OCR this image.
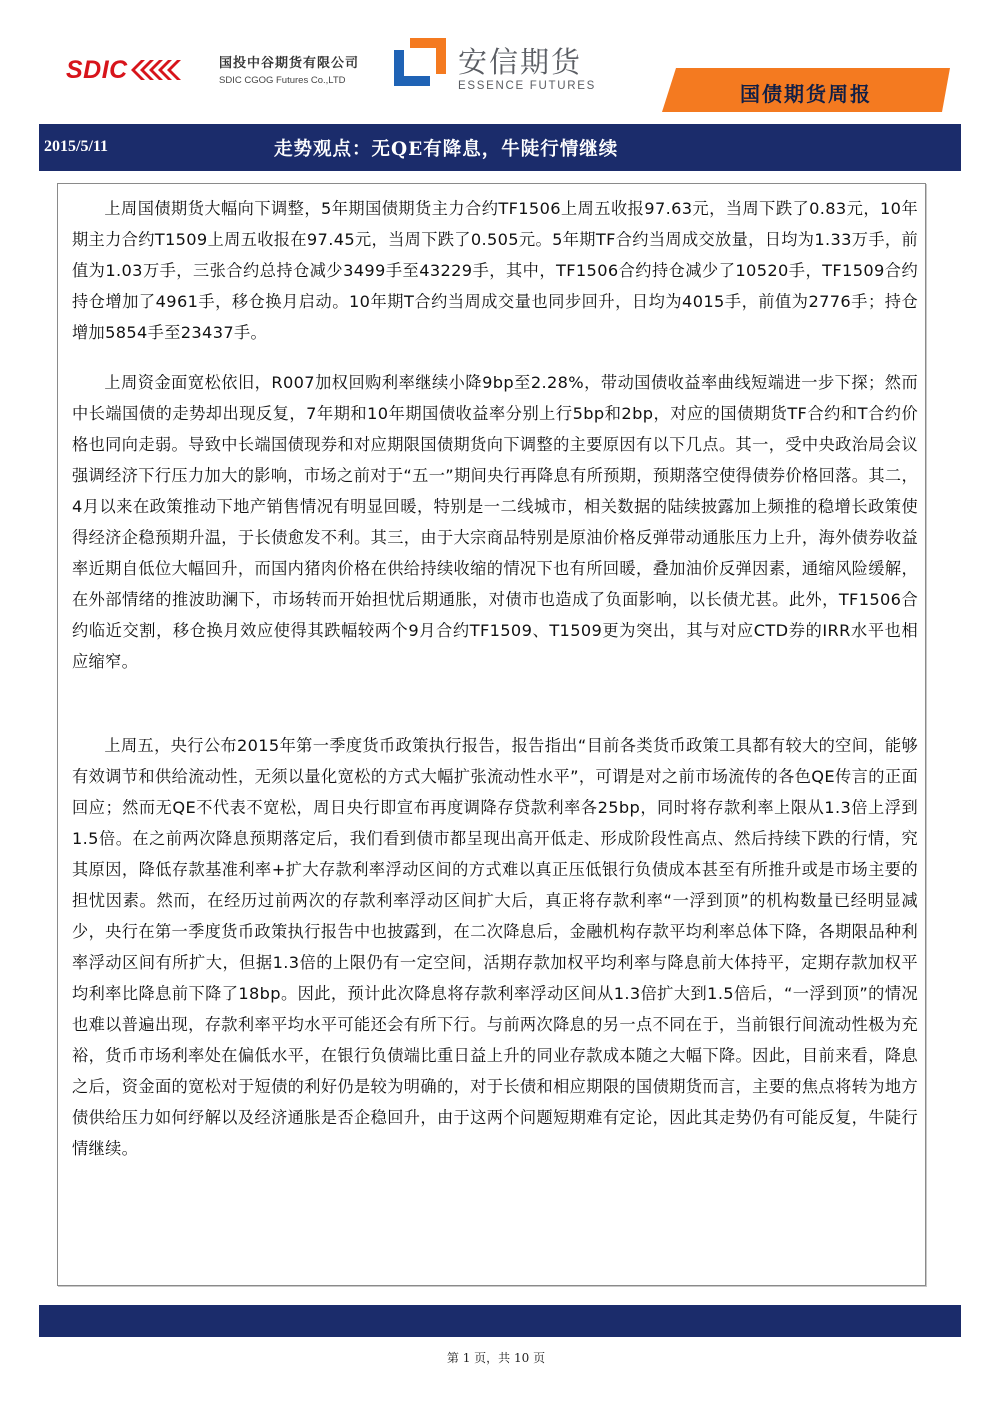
SDIC	国投中谷期货有限公司
SDIC CGOG Futures Co.,LTD
安信期货
ESSENCE FUTURES	国债期货周报
2015/5/11	走势观点：无QE有降息，牛陡行情继续

上周国债期货大幅向下调整，5年期国债期货主力合约TF1506上周五收报97.63元，当周下跌了0.83元，10年期主力合约T1509上周五收报在97.45元，当周下跌了0.505元。5年期TF合约当周成交放量，日均为1.33万手，前值为1.03万手，三张合约总持仓减少3499手至43229手，其中，TF1506合约持仓减少了10520手，TF1509合约持仓增加了4961手，移仓换月启动。10年期T合约当周成交量也同步回升，日均为4015手，前值为2776手；持仓增加5854手至23437手。

上周资金面宽松依旧，R007加权回购利率继续小降9bp至2.28%，带动国债收益率曲线短端进一步下探；然而中长端国债的走势却出现反复，7年期和10年期国债收益率分别上行5bp和2bp，对应的国债期货TF合约和T合约价格也同向走弱。导致中长端国债现券和对应期限国债期货向下调整的主要原因有以下几点。其一，受中央政治局会议强调经济下行压力加大的影响，市场之前对于“五一”期间央行再降息有所预期，预期落空使得债券价格回落。其二，4月以来在政策推动下地产销售情况有明显回暖，特别是一二线城市，相关数据的陆续披露加上频推的稳增长政策使得经济企稳预期升温，于长债愈发不利。其三，由于大宗商品特别是原油价格反弹带动通胀压力上升，海外债券收益率近期自低位大幅回升，而国内猪肉价格在供给持续收缩的情况下也有所回暖，叠加油价反弹因素，通缩风险缓解，在外部情绪的推波助澜下，市场转而开始担忧后期通胀，对债市也造成了负面影响，以长债尤甚。此外，TF1506合约临近交割，移仓换月效应使得其跌幅较两个9月合约TF1509、T1509更为突出，其与对应CTD券的IRR水平也相应缩窄。

上周五，央行公布2015年第一季度货币政策执行报告，报告指出“目前各类货币政策工具都有较大的空间，能够有效调节和供给流动性，无须以量化宽松的方式大幅扩张流动性水平”，可谓是对之前市场流传的各色QE传言的正面回应；然而无QE不代表不宽松，周日央行即宣布再度调降存贷款利率各25bp，同时将存款利率上限从1.3倍上浮到1.5倍。在之前两次降息预期落定后，我们看到债市都呈现出高开低走、形成阶段性高点、然后持续下跌的行情，究其原因，降低存款基准利率+扩大存款利率浮动区间的方式难以真正压低银行负债成本甚至有所推升或是市场主要的担忧因素。然而，在经历过前两次的存款利率浮动区间扩大后，真正将存款利率“一浮到顶”的机构数量已经明显减少，央行在第一季度货币政策执行报告中也披露到，在二次降息后，金融机构存款平均利率总体下降，各期限品种利率浮动区间有所扩大，但据1.3倍的上限仍有一定空间，活期存款加权平均利率与降息前大体持平，定期存款加权平均利率比降息前下降了18bp。因此，预计此次降息将存款利率浮动区间从1.3倍扩大到1.5倍后，“一浮到顶”的情况也难以普遍出现，存款利率平均水平可能还会有所下行。与前两次降息的另一点不同在于，当前银行间流动性极为充裕，货币市场利率处在偏低水平，在银行负债端比重日益上升的同业存款成本随之大幅下降。因此，目前来看，降息之后，资金面的宽松对于短债的利好仍是较为明确的，对于长债和相应期限的国债期货而言，主要的焦点将转为地方债供给压力如何纾解以及经济通胀是否企稳回升，由于这两个问题短期难有定论，因此其走势仍有可能反复，牛陡行情继续。

第 1 页，共 10 页
